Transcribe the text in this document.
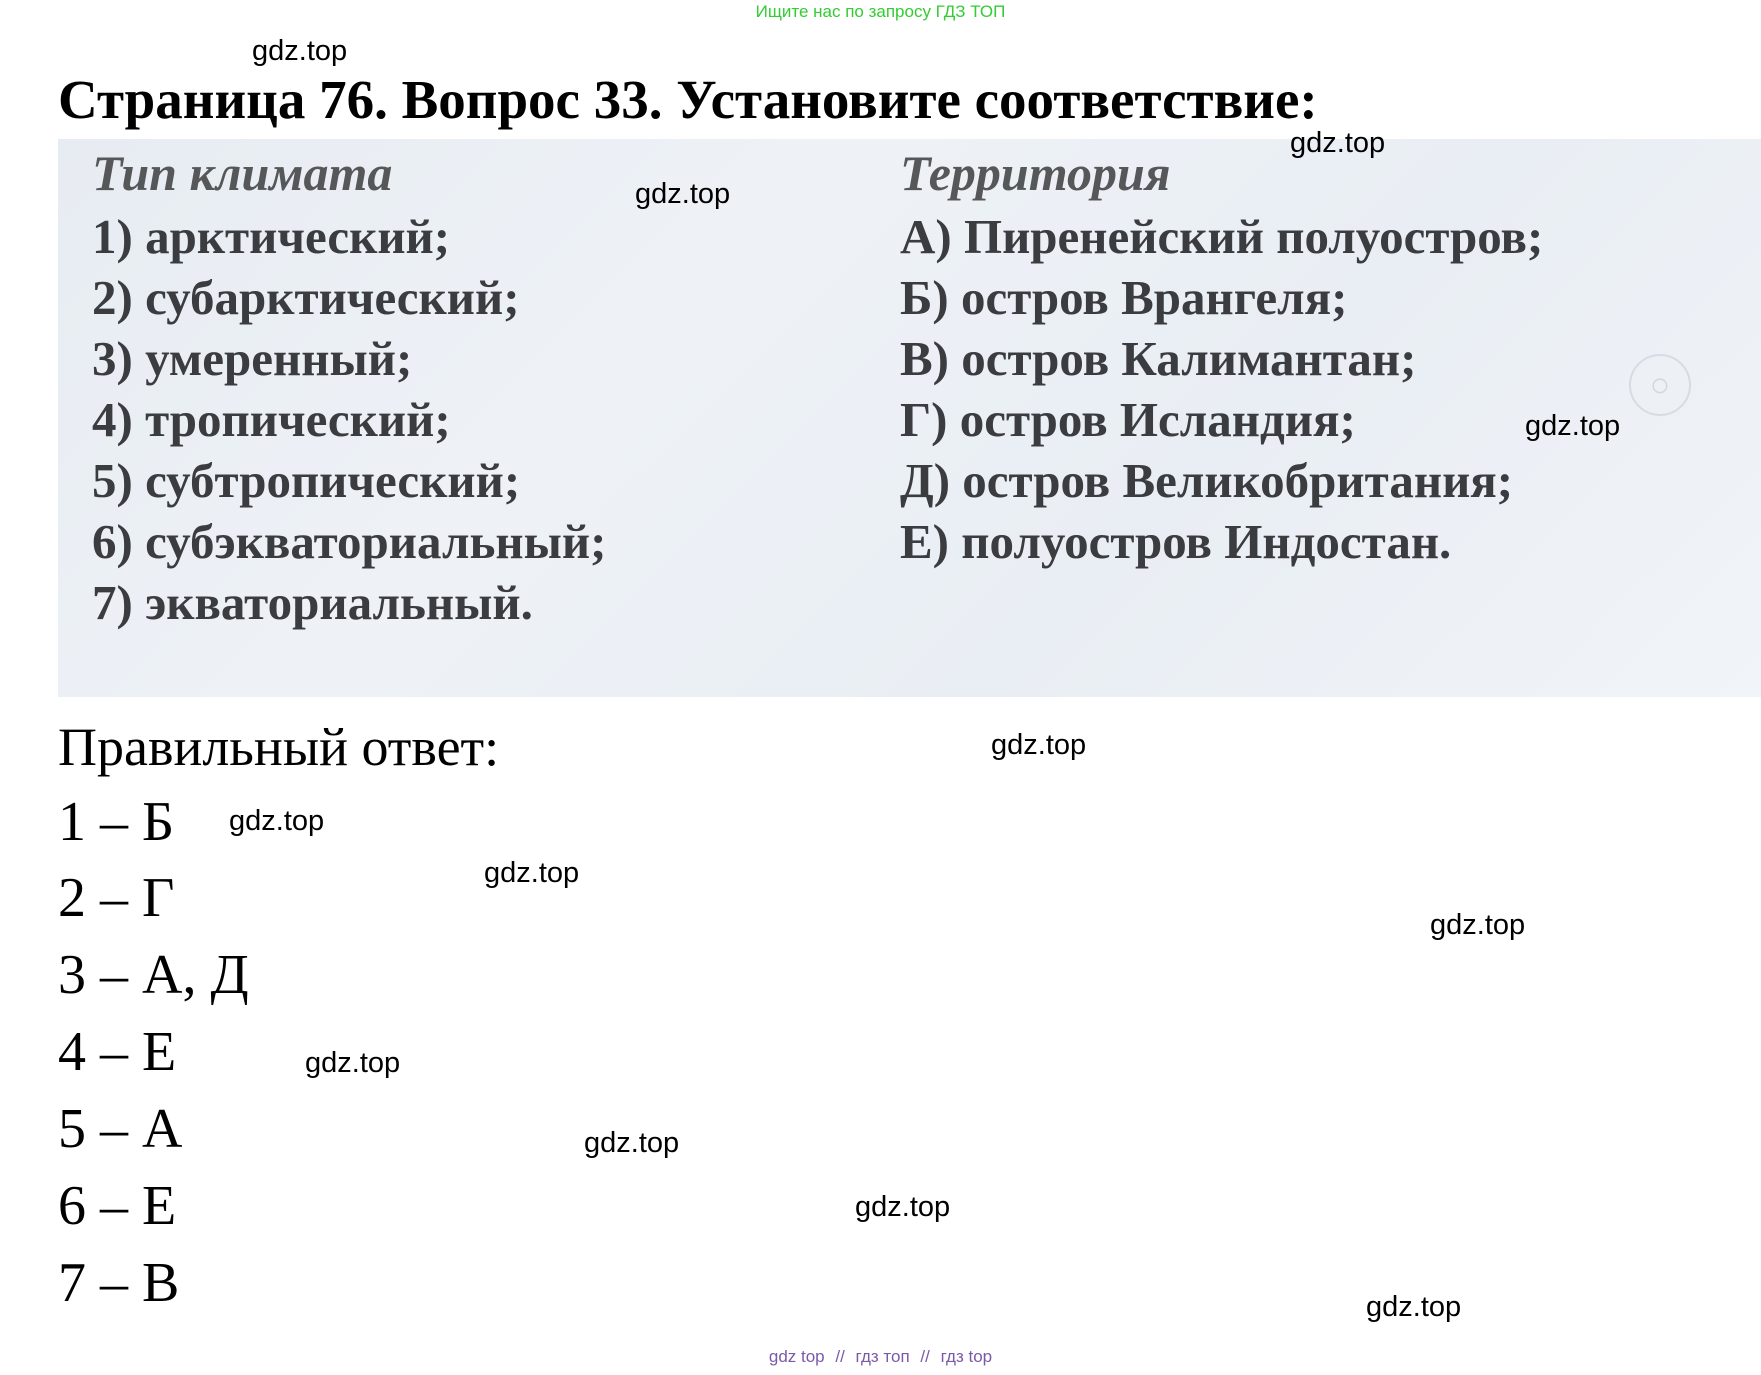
Ищите нас по запросу ГДЗ ТОП
Страница 76. Вопрос 33. Установите соответствие:
Тип климата
1) арктический;
2) субарктический;
3) умеренный;
4) тропический;
5) субтропический;
6) субэкваториальный;
7) экваториальный.
Территория
А) Пиренейский полуостров;
Б) остров Врангеля;
В) остров Калимантан;
Г) остров Исландия;
Д) остров Великобритания;
Е) полуостров Индостан.
○
Правильный ответ:
1 – Б
2 – Г
3 – А, Д
4 – Е
5 – А
6 – Е
7 – В
gdz.top
gdz.top
gdz.top
gdz.top
gdz.top
gdz.top
gdz.top
gdz.top
gdz.top
gdz.top
gdz.top
gdz.top
gdz top // гдз топ // гдз top
